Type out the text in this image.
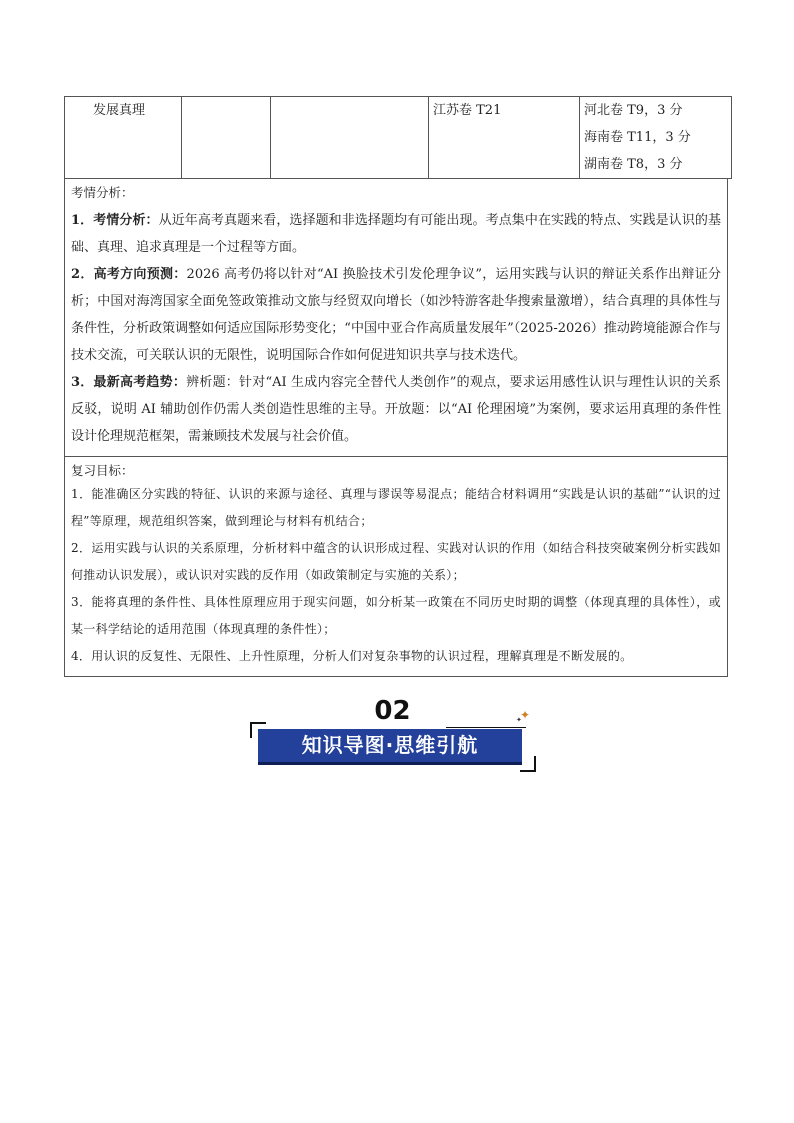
发展真理			江苏卷 T21	河北卷 T9，3 分
海南卷 T11，3 分
湖南卷 T8，3 分
考情分析：
1．考情分析：从近年高考真题来看，选择题和非选择题均有可能出现。考点集中在实践的特点、实践是认识的基础、真理、追求真理是一个过程等方面。
2．高考方向预测：2026 高考仍将以针对“AI 换脸技术引发伦理争议”，运用实践与认识的辩证关系作出辩证分析；中国对海湾国家全面免签政策推动文旅与经贸双向增长（如沙特游客赴华搜索量激增），结合真理的具体性与条件性，分析政策调整如何适应国际形势变化；“中国中亚合作高质量发展年”（2025-2026）推动跨境能源合作与技术交流，可关联认识的无限性，说明国际合作如何促进知识共享与技术迭代。
3．最新高考趋势：辨析题：针对“AI 生成内容完全替代人类创作”的观点，要求运用感性认识与理性认识的关系反驳，说明 AI 辅助创作仍需人类创造性思维的主导。开放题：以“AI 伦理困境”为案例，要求运用真理的条件性设计伦理规范框架，需兼顾技术发展与社会价值。
复习目标：
1．能准确区分实践的特征、认识的来源与途径、真理与谬误等易混点；能结合材料调用“实践是认识的基础”“认识的过程”等原理，规范组织答案，做到理论与材料有机结合；
2．运用实践与认识的关系原理，分析材料中蕴含的认识形成过程、实践对认识的作用（如结合科技突破案例分析实践如何推动认识发展），或认识对实践的反作用（如政策制定与实施的关系）；
3．能将真理的条件性、具体性原理应用于现实问题，如分析某一政策在不同历史时期的调整（体现真理的具体性），或某一科学结论的适用范围（体现真理的条件性）；
4．用认识的反复性、无限性、上升性原理，分析人们对复杂事物的认识过程，理解真理是不断发展的。
02
知识导图·思维引航
✦
✦
